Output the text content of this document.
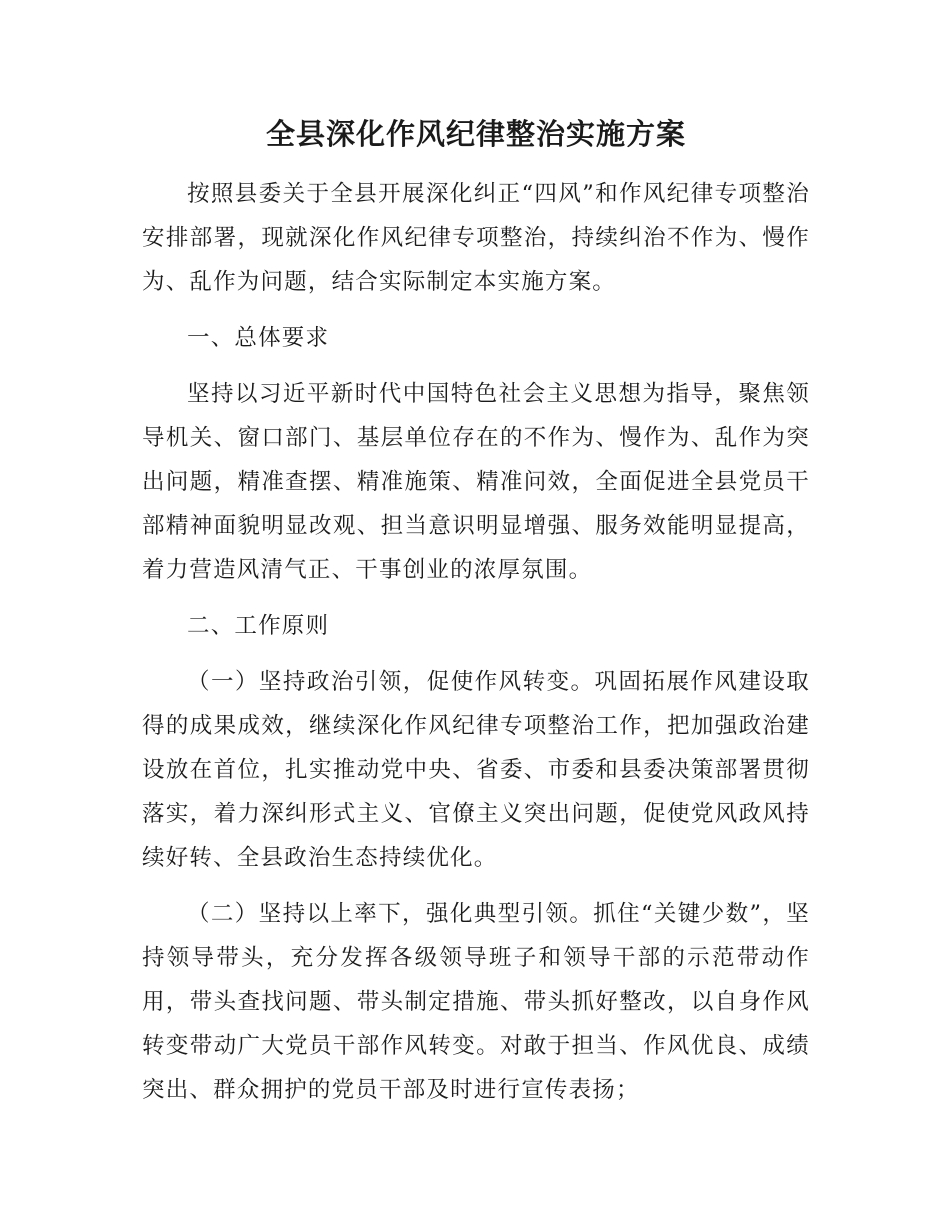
全县深化作风纪律整治实施方案

按照县委关于全县开展深化纠正“四风”和作风纪律专项整治安排部署，现就深化作风纪律专项整治，持续纠治不作为、慢作为、乱作为问题，结合实际制定本实施方案。

一、总体要求

坚持以习近平新时代中国特色社会主义思想为指导，聚焦领导机关、窗口部门、基层单位存在的不作为、慢作为、乱作为突出问题，精准查摆、精准施策、精准问效，全面促进全县党员干部精神面貌明显改观、担当意识明显增强、服务效能明显提高，着力营造风清气正、干事创业的浓厚氛围。

二、工作原则

（一）坚持政治引领，促使作风转变。巩固拓展作风建设取得的成果成效，继续深化作风纪律专项整治工作，把加强政治建设放在首位，扎实推动党中央、省委、市委和县委决策部署贯彻落实，着力深纠形式主义、官僚主义突出问题，促使党风政风持续好转、全县政治生态持续优化。

（二）坚持以上率下，强化典型引领。抓住“关键少数”，坚持领导带头，充分发挥各级领导班子和领导干部的示范带动作用，带头查找问题、带头制定措施、带头抓好整改，以自身作风转变带动广大党员干部作风转变。对敢于担当、作风优良、成绩突出、群众拥护的党员干部及时进行宣传表扬；
